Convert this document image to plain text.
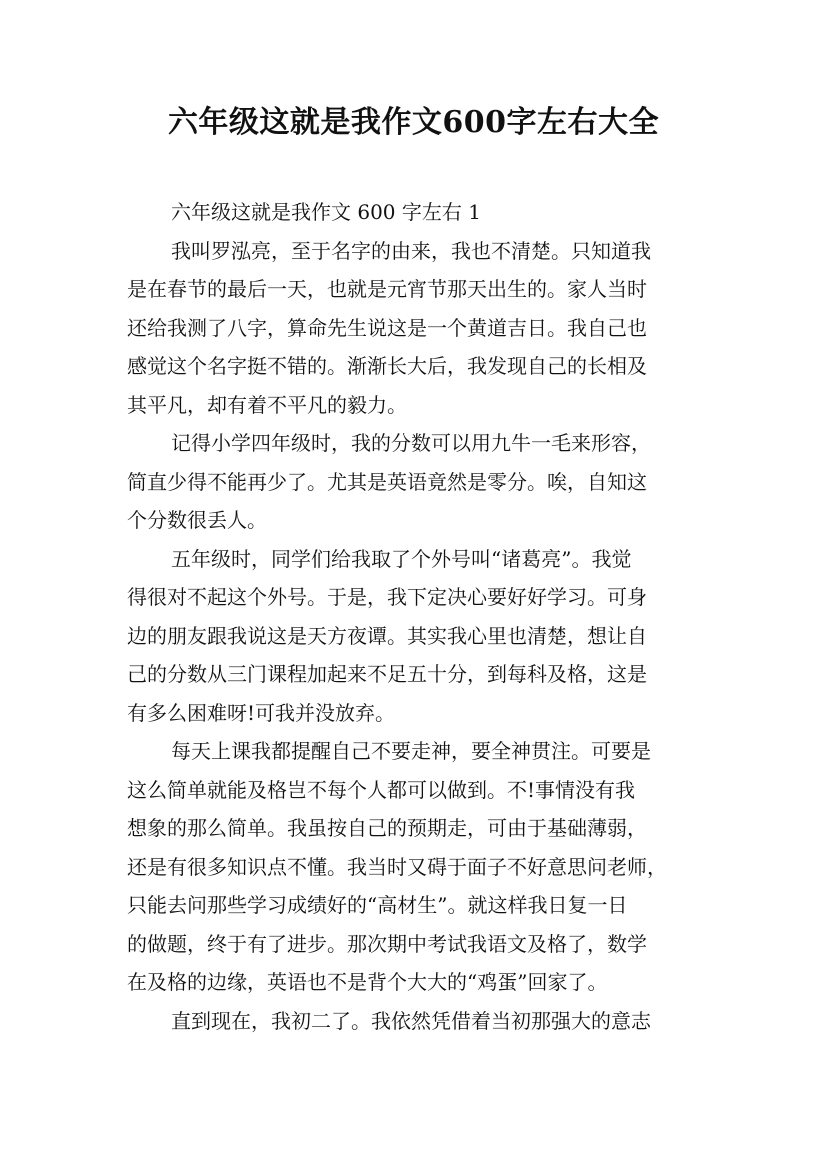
六年级这就是我作文600字左右大全
六年级这就是我作文 600 字左右 1
我叫罗泓亮，至于名字的由来，我也不清楚。只知道我
是在春节的最后一天，也就是元宵节那天出生的。家人当时
还给我测了八字，算命先生说这是一个黄道吉日。我自己也
感觉这个名字挺不错的。渐渐长大后，我发现自己的长相及
其平凡，却有着不平凡的毅力。
记得小学四年级时，我的分数可以用九牛一毛来形容，
简直少得不能再少了。尤其是英语竟然是零分。唉，自知这
个分数很丢人。
五年级时，同学们给我取了个外号叫“诸葛亮”。我觉
得很对不起这个外号。于是，我下定决心要好好学习。可身
边的朋友跟我说这是天方夜谭。其实我心里也清楚，想让自
己的分数从三门课程加起来不足五十分，到每科及格，这是
有多么困难呀!可我并没放弃。
每天上课我都提醒自己不要走神，要全神贯注。可要是
这么简单就能及格岂不每个人都可以做到。不!事情没有我
想象的那么简单。我虽按自己的预期走，可由于基础薄弱，
还是有很多知识点不懂。我当时又碍于面子不好意思问老师，
只能去问那些学习成绩好的“高材生”。就这样我日复一日
的做题，终于有了进步。那次期中考试我语文及格了，数学
在及格的边缘，英语也不是背个大大的“鸡蛋”回家了。
直到现在，我初二了。我依然凭借着当初那强大的意志
